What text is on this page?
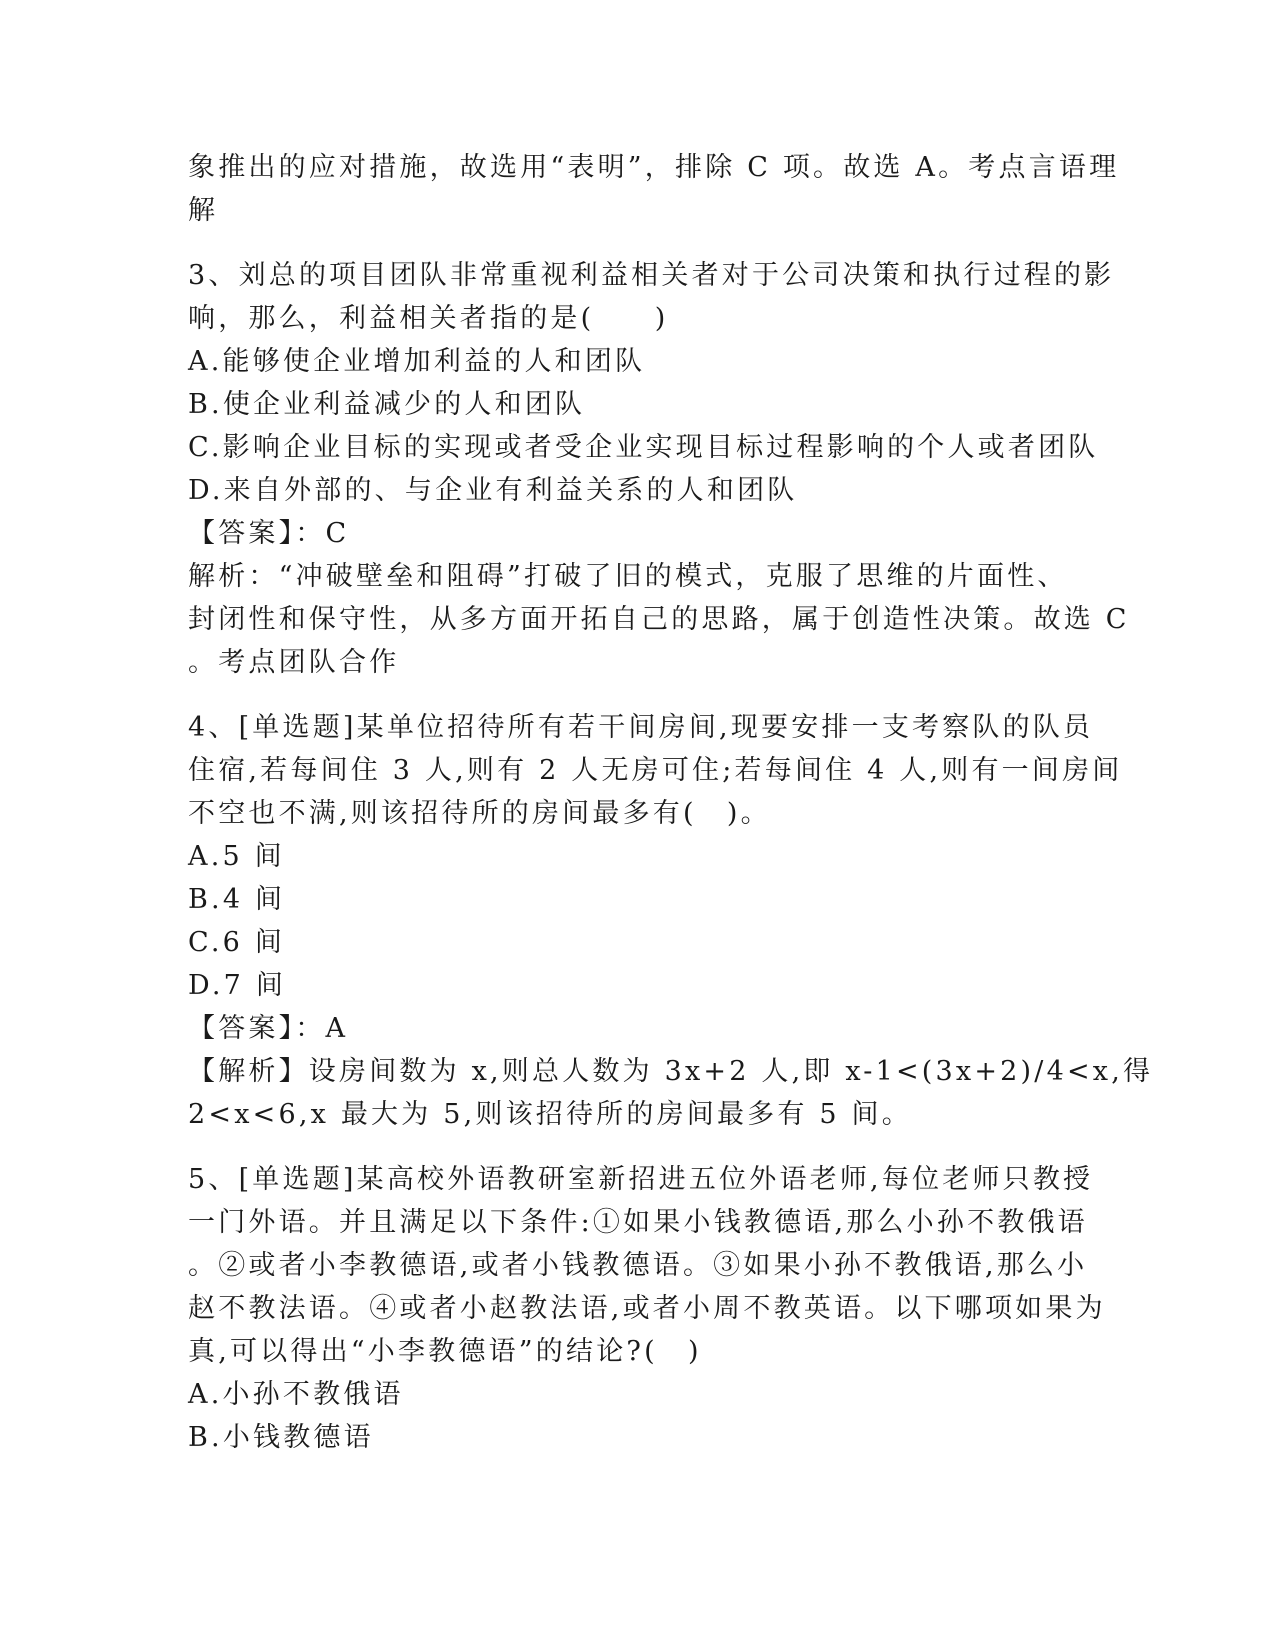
象推出的应对措施，故选用“表明”，排除 C 项。故选 A。考点言语理
解
3、刘总的项目团队非常重视利益相关者对于公司决策和执行过程的影
响，那么，利益相关者指的是(　　)
A.能够使企业增加利益的人和团队
B.使企业利益减少的人和团队
C.影响企业目标的实现或者受企业实现目标过程影响的个人或者团队
D.来自外部的、与企业有利益关系的人和团队
【答案】：C
解析：“冲破壁垒和阻碍”打破了旧的模式，克服了思维的片面性、
封闭性和保守性，从多方面开拓自己的思路，属于创造性决策。故选 C
。考点团队合作
4、[单选题]某单位招待所有若干间房间,现要安排一支考察队的队员
住宿,若每间住 3 人,则有 2 人无房可住;若每间住 4 人,则有一间房间
不空也不满,则该招待所的房间最多有(　)。
A.5 间
B.4 间
C.6 间
D.7 间
【答案】：A
【解析】设房间数为 x,则总人数为 3x+2 人,即 x-1<(3x+2)/4<x,得
2<x<6,x 最大为 5,则该招待所的房间最多有 5 间。
5、[单选题]某高校外语教研室新招进五位外语老师,每位老师只教授
一门外语。并且满足以下条件:①如果小钱教德语,那么小孙不教俄语
。②或者小李教德语,或者小钱教德语。③如果小孙不教俄语,那么小
赵不教法语。④或者小赵教法语,或者小周不教英语。以下哪项如果为
真,可以得出“小李教德语”的结论?(　)
A.小孙不教俄语
B.小钱教德语
